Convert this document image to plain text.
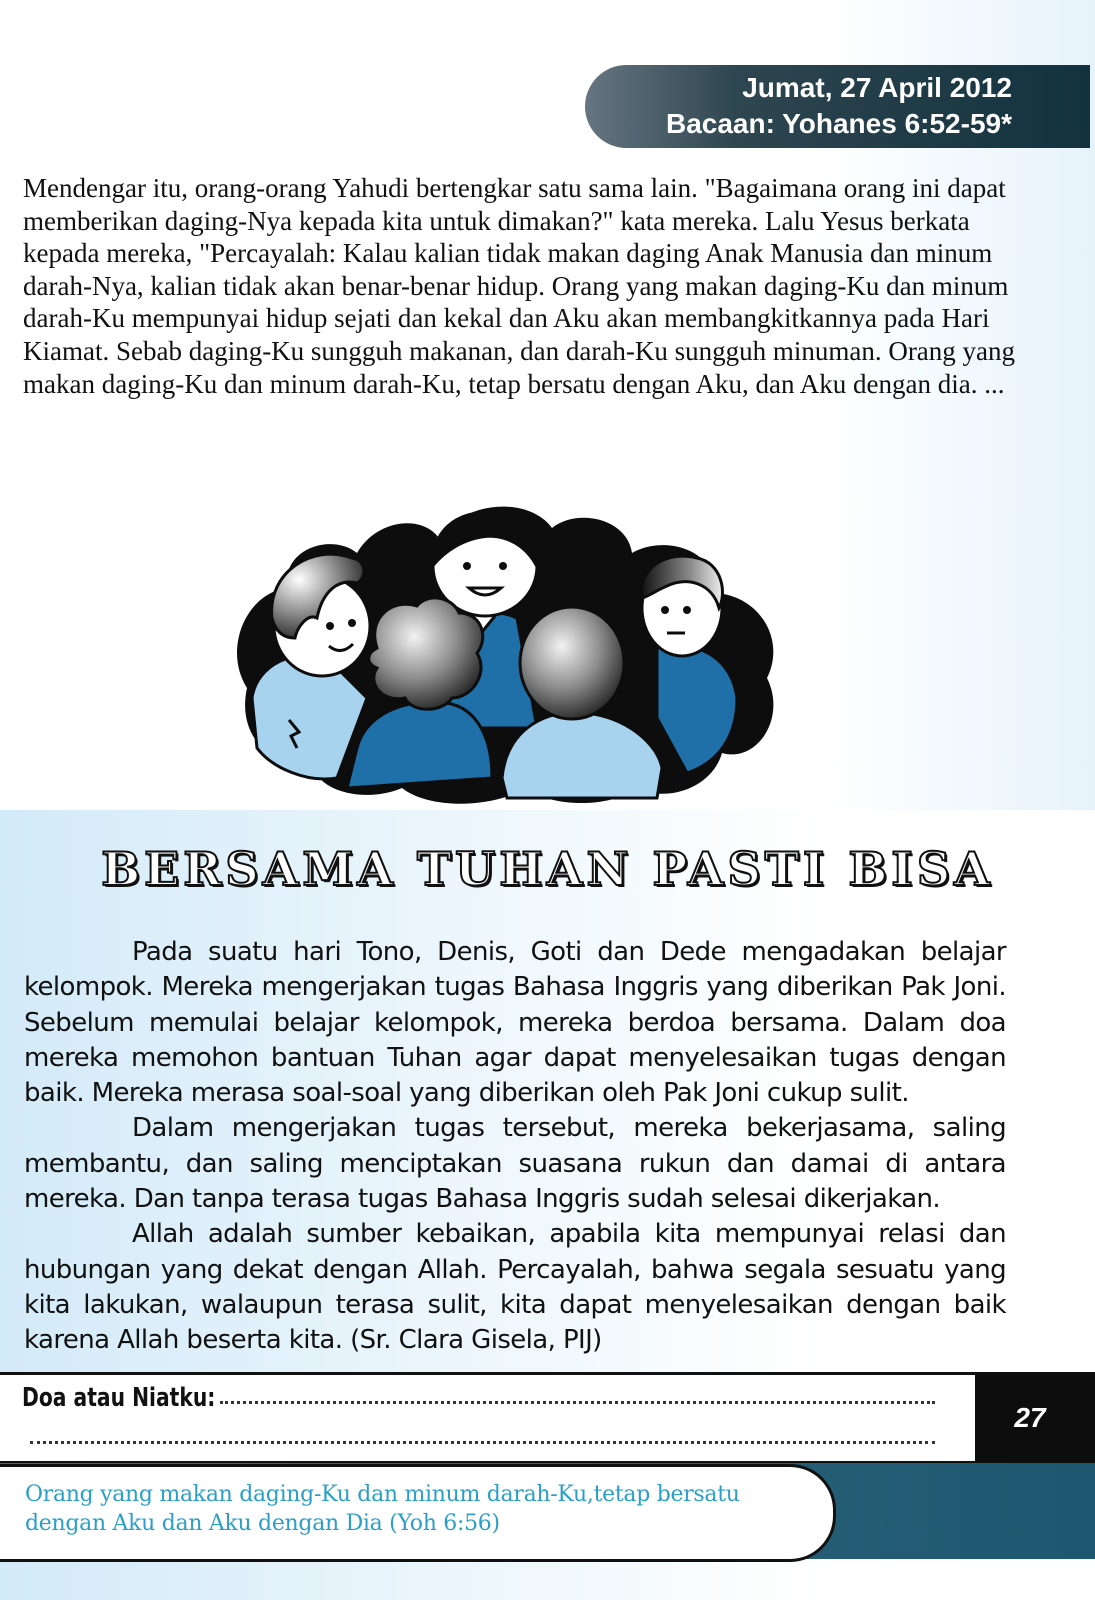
Jumat, 27 April 2012
Bacaan: Yohanes 6:52-59*

Mendengar itu, orang-orang Yahudi bertengkar satu sama lain. "Bagaimana orang ini dapat memberikan daging-Nya kepada kita untuk dimakan?" kata mereka. Lalu Yesus berkata kepada mereka, "Percayalah: Kalau kalian tidak makan daging Anak Manusia dan minum darah-Nya, kalian tidak akan benar-benar hidup. Orang yang makan daging-Ku dan minum darah-Ku mempunyai hidup sejati dan kekal dan Aku akan membangkitkannya pada Hari Kiamat. Sebab daging-Ku sungguh makanan, dan darah-Ku sungguh minuman. Orang yang makan daging-Ku dan minum darah-Ku, tetap bersatu dengan Aku, dan Aku dengan dia. ...

BERSAMA TUHAN PASTI BISA

Pada suatu hari Tono, Denis, Goti dan Dede mengadakan belajar kelompok. Mereka mengerjakan tugas Bahasa Inggris yang diberikan Pak Joni. Sebelum memulai belajar kelompok, mereka berdoa bersama. Dalam doa mereka memohon bantuan Tuhan agar dapat menyelesaikan tugas dengan baik. Mereka merasa soal-soal yang diberikan oleh Pak Joni cukup sulit.

Dalam mengerjakan tugas tersebut, mereka bekerjasama, saling membantu, dan saling menciptakan suasana rukun dan damai di antara mereka. Dan tanpa terasa tugas Bahasa Inggris sudah selesai dikerjakan.

Allah adalah sumber kebaikan, apabila kita mempunyai relasi dan hubungan yang dekat dengan Allah. Percayalah, bahwa segala sesuatu yang kita lakukan, walaupun terasa sulit, kita dapat menyelesaikan dengan baik karena Allah beserta kita. (Sr. Clara Gisela, PIJ)

Doa atau Niatku:
27

Orang yang makan daging-Ku dan minum darah-Ku,tetap bersatu dengan Aku dan Aku dengan Dia (Yoh 6:56)
